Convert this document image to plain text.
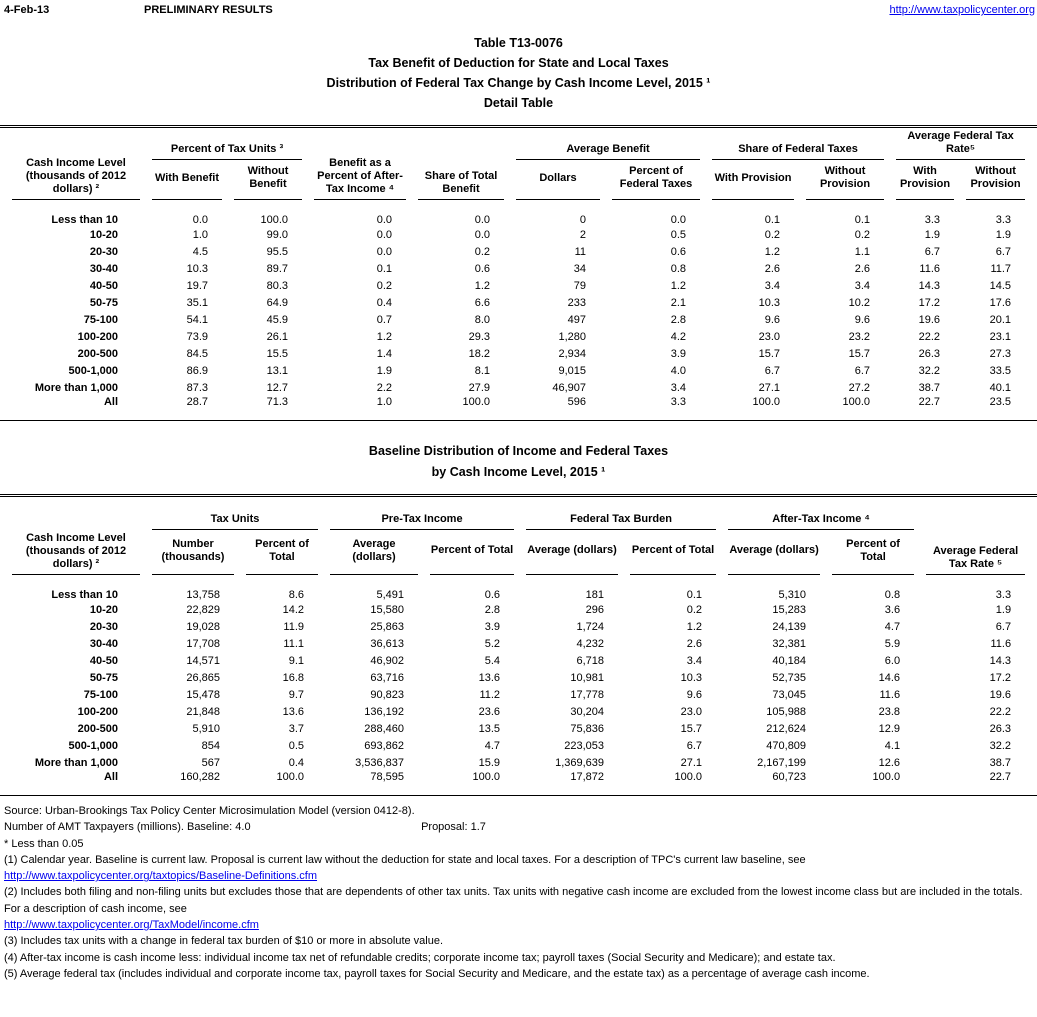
4-Feb-13	PRELIMINARY RESULTS	http://www.taxpolicycenter.org
Table T13-0076
Tax Benefit of Deduction for State and Local Taxes
Distribution of Federal Tax Change by Cash Income Level, 2015 ¹
Detail Table
Cash Income Level (thousands of 2012 dollars) ²	Percent of Tax Units ³		Benefit as a Percent of After-Tax Income ⁴	Share of Total Benefit	Average Benefit		Share of Federal Taxes		Average Federal Tax Rate⁵	
	With Benefit	Without Benefit			Dollars	Percent of Federal Taxes	With Provision	Without Provision	With Provision	Without Provision
Less than 10	0.0	100.0	0.0	0.0	0	0.0	0.1	0.1	3.3	3.3
10-20	1.0	99.0	0.0	0.0	2	0.5	0.2	0.2	1.9	1.9
20-30	4.5	95.5	0.0	0.2	11	0.6	1.2	1.1	6.7	6.7
30-40	10.3	89.7	0.1	0.6	34	0.8	2.6	2.6	11.6	11.7
40-50	19.7	80.3	0.2	1.2	79	1.2	3.4	3.4	14.3	14.5
50-75	35.1	64.9	0.4	6.6	233	2.1	10.3	10.2	17.2	17.6
75-100	54.1	45.9	0.7	8.0	497	2.8	9.6	9.6	19.6	20.1
100-200	73.9	26.1	1.2	29.3	1,280	4.2	23.0	23.2	22.2	23.1
200-500	84.5	15.5	1.4	18.2	2,934	3.9	15.7	15.7	26.3	27.3
500-1,000	86.9	13.1	1.9	8.1	9,015	4.0	6.7	6.7	32.2	33.5
More than 1,000	87.3	12.7	2.2	27.9	46,907	3.4	27.1	27.2	38.7	40.1
All	28.7	71.3	1.0	100.0	596	3.3	100.0	100.0	22.7	23.5
Baseline Distribution of Income and Federal Taxes
by Cash Income Level, 2015 ¹
Cash Income Level (thousands of 2012 dollars) ²	Tax Units		Pre-Tax Income		Federal Tax Burden		After-Tax Income ⁴		Average Federal Tax Rate ⁵
	Number (thousands)	Percent of Total	Average (dollars)	Percent of Total	Average (dollars)	Percent of Total	Average (dollars)	Percent of Total	
Less than 10	13,758	8.6	5,491	0.6	181	0.1	5,310	0.8	3.3
10-20	22,829	14.2	15,580	2.8	296	0.2	15,283	3.6	1.9
20-30	19,028	11.9	25,863	3.9	1,724	1.2	24,139	4.7	6.7
30-40	17,708	11.1	36,613	5.2	4,232	2.6	32,381	5.9	11.6
40-50	14,571	9.1	46,902	5.4	6,718	3.4	40,184	6.0	14.3
50-75	26,865	16.8	63,716	13.6	10,981	10.3	52,735	14.6	17.2
75-100	15,478	9.7	90,823	11.2	17,778	9.6	73,045	11.6	19.6
100-200	21,848	13.6	136,192	23.6	30,204	23.0	105,988	23.8	22.2
200-500	5,910	3.7	288,460	13.5	75,836	15.7	212,624	12.9	26.3
500-1,000	854	0.5	693,862	4.7	223,053	6.7	470,809	4.1	32.2
More than 1,000	567	0.4	3,536,837	15.9	1,369,639	27.1	2,167,199	12.6	38.7
All	160,282	100.0	78,595	100.0	17,872	100.0	60,723	100.0	22.7
Source: Urban-Brookings Tax Policy Center Microsimulation Model (version 0412-8).
Number of AMT Taxpayers (millions). Baseline: 4.0	Proposal: 1.7
* Less than 0.05
(1) Calendar year. Baseline is current law. Proposal is current law without the deduction for state and local taxes. For a description of TPC's current law baseline, see
http://www.taxpolicycenter.org/taxtopics/Baseline-Definitions.cfm
(2) Includes both filing and non-filing units but excludes those that are dependents of other tax units. Tax units with negative cash income are excluded from the lowest income class but are included in the totals. For a description of cash income, see
http://www.taxpolicycenter.org/TaxModel/income.cfm
(3) Includes tax units with a change in federal tax burden of $10 or more in absolute value.
(4) After-tax income is cash income less: individual income tax net of refundable credits; corporate income tax; payroll taxes (Social Security and Medicare); and estate tax.
(5) Average federal tax (includes individual and corporate income tax, payroll taxes for Social Security and Medicare, and the estate tax) as a percentage of average cash income.
